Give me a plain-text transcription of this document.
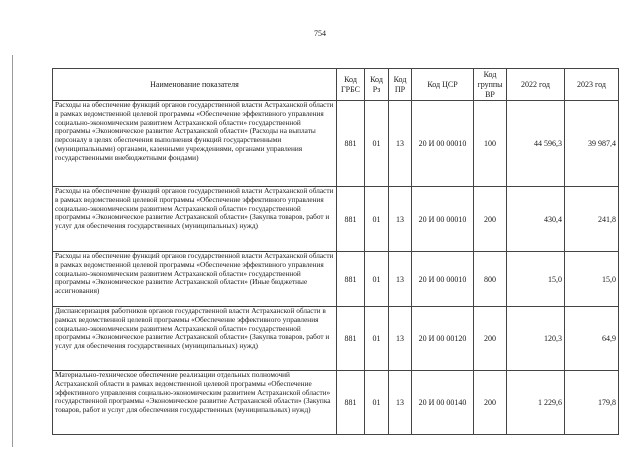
754
Наименование показателя	Код ГРБС	Код Рз	Код ПР	Код ЦСР	Код группы ВР	2022 год	2023 год
Расходы на обеспечение функций органов государственной власти Астраханской области в рамках ведомственной целевой программы «Обеспечение эффективного управления социально-экономическим развитием Астраханской области» государственной программы «Экономическое развитие Астраханской области» (Расходы на выплаты персоналу в целях обеспечения выполнения функций государственными (муниципальными) органами, казенными учреждениями, органами управления государственными внебюджетными фондами)	881	01	13	20 И 00 00010	100	44 596,3	39 987,4
Расходы на обеспечение функций органов государственной власти Астраханской области в рамках ведомственной целевой программы «Обеспечение эффективного управления социально-экономическим развитием Астраханской области» государственной программы «Экономическое развитие Астраханской области» (Закупка товаров, работ и услуг для обеспечения государственных (муниципальных) нужд)	881	01	13	20 И 00 00010	200	430,4	241,8
Расходы на обеспечение функций органов государственной власти Астраханской области в рамках ведомственной целевой программы «Обеспечение эффективного управления социально-экономическим развитием Астраханской области» государственной программы «Экономическое развитие Астраханской области» (Иные бюджетные ассигнования)	881	01	13	20 И 00 00010	800	15,0	15,0
Диспансеризация работников органов государственной власти Астраханской области в рамках ведомственной целевой программы «Обеспечение эффективного управления социально-экономическим развитием Астраханской области» государственной программы «Экономическое развитие Астраханской области» (Закупка товаров, работ и услуг для обеспечения государственных (муниципальных) нужд)	881	01	13	20 И 00 00120	200	120,3	64,9
Материально-техническое обеспечение реализации отдельных полномочий Астраханской области в рамках ведомственной целевой программы «Обеспечение эффективного управления социально-экономическим развитием Астраханской области» государственной программы «Экономическое развитие Астраханской области» (Закупка товаров, работ и услуг для обеспечения государственных (муниципальных) нужд)	881	01	13	20 И 00 00140	200	1 229,6	179,8
